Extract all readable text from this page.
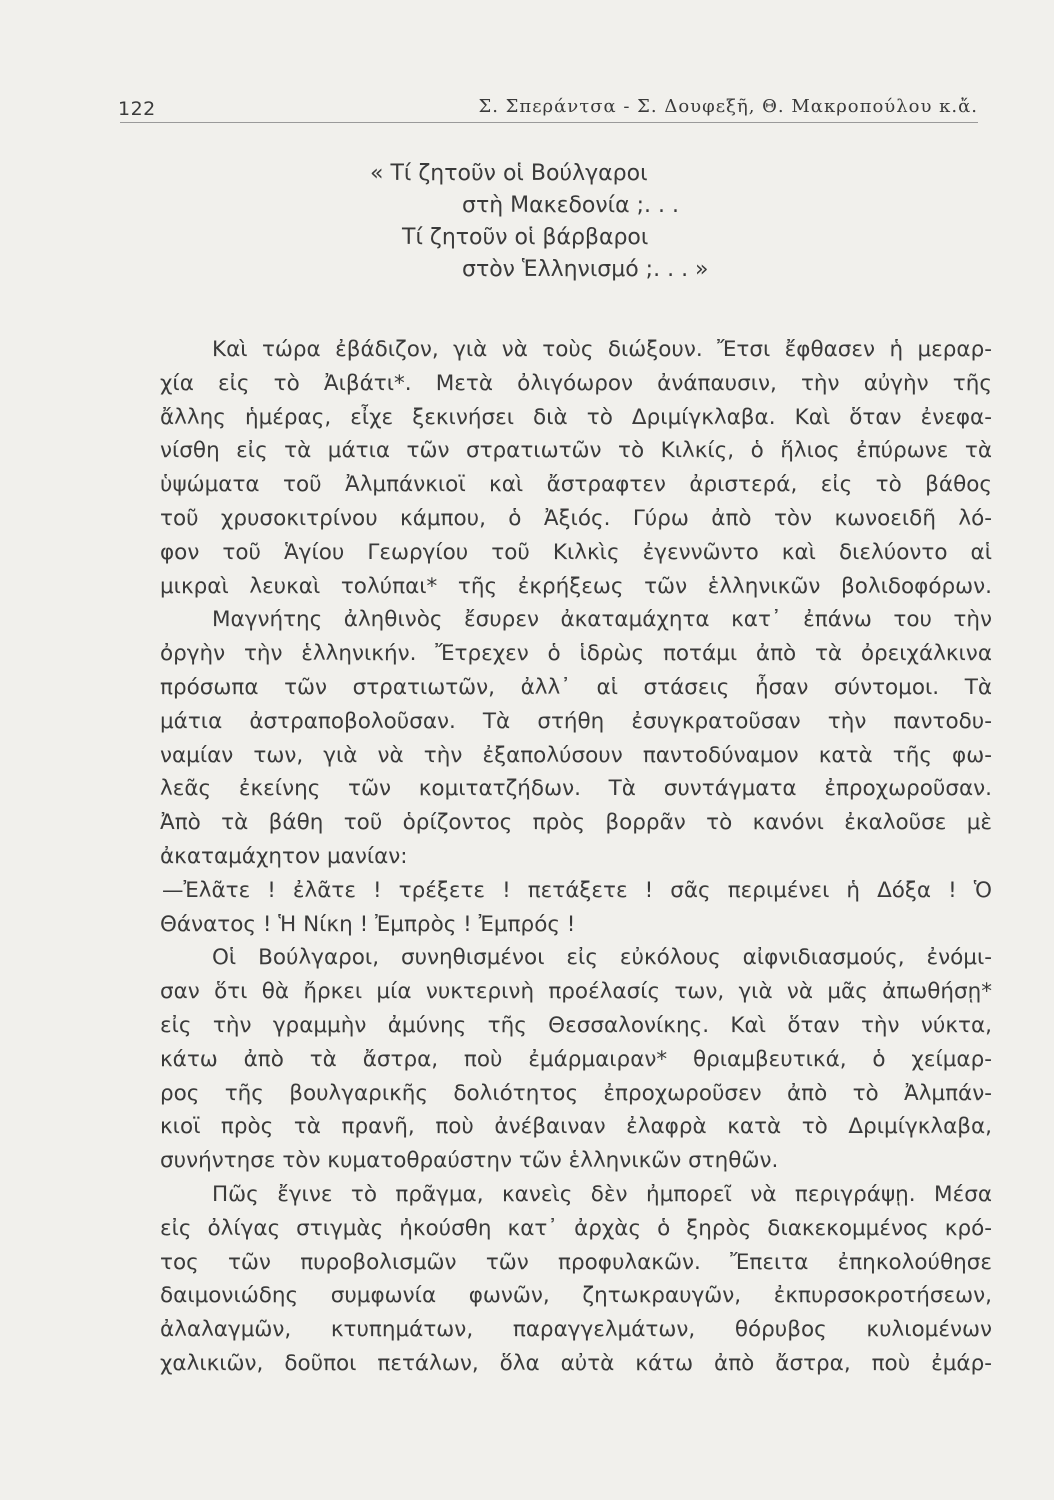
122	Σ. Σπεράντσα - Σ. Δουφεξῆ, Θ. Μακροπούλου κ.ἄ.
« Τί ζητοῦν οἱ Βούλγαροι
στὴ Μακεδονία ;. . .
Τί ζητοῦν οἱ βάρβαροι
στὸν Ἑλληνισμό ;. . . »
Καὶ τώρα ἐβάδιζον, γιὰ νὰ τοὺς διώξουν. Ἔτσι ἔφθασεν ἡ μεραρ-
χία εἰς τὸ Ἀιβάτι*. Μετὰ ὀλιγόωρον ἀνάπαυσιν, τὴν αὐγὴν τῆς
ἄλλης ἡμέρας, εἶχε ξεκινήσει διὰ τὸ Δριμίγκλαβα. Καὶ ὅταν ἐνεφα-
νίσθη εἰς τὰ μάτια τῶν στρατιωτῶν τὸ Κιλκίς, ὁ ἥλιος ἐπύρωνε τὰ
ὑψώματα τοῦ Ἀλμπάνκιοϊ καὶ ἄστραφτεν ἀριστερά, εἰς τὸ βάθος
τοῦ χρυσοκιτρίνου κάμπου, ὁ Ἀξιός. Γύρω ἀπὸ τὸν κωνοειδῆ λό-
φον τοῦ Ἁγίου Γεωργίου τοῦ Κιλκὶς ἐγεννῶντο καὶ διελύοντο αἱ
μικραὶ λευκαὶ τολύπαι* τῆς ἐκρήξεως τῶν ἑλληνικῶν βολιδοφόρων.
Μαγνήτης ἀληθινὸς ἔσυρεν ἀκαταμάχητα κατ᾽ ἐπάνω του τὴν
ὀργὴν τὴν ἑλληνικήν. Ἔτρεχεν ὁ ἱδρὼς ποτάμι ἀπὸ τὰ ὀρειχάλκινα
πρόσωπα τῶν στρατιωτῶν, ἀλλ᾽ αἱ στάσεις ἦσαν σύντομοι. Τὰ
μάτια ἀστραποβολοῦσαν. Τὰ στήθη ἐσυγκρατοῦσαν τὴν παντοδυ-
ναμίαν των, γιὰ νὰ τὴν ἐξαπολύσουν παντοδύναμον κατὰ τῆς φω-
λεᾶς ἐκείνης τῶν κομιτατζήδων. Τὰ συντάγματα ἐπροχωροῦσαν.
Ἀπὸ τὰ βάθη τοῦ ὁρίζοντος πρὸς βορρᾶν τὸ κανόνι ἐκαλοῦσε μὲ
ἀκαταμάχητον μανίαν:
—Ἐλᾶτε ! ἐλᾶτε ! τρέξετε ! πετάξετε ! σᾶς περιμένει ἡ Δόξα ! Ὁ
Θάνατος ! Ἡ Νίκη ! Ἐμπρὸς ! Ἐμπρός !
Οἱ Βούλγαροι, συνηθισμένοι εἰς εὐκόλους αἰφνιδιασμούς, ἐνόμι-
σαν ὅτι θὰ ἤρκει μία νυκτερινὴ προέλασίς των, γιὰ νὰ μᾶς ἀπωθήσῃ*
εἰς τὴν γραμμὴν ἀμύνης τῆς Θεσσαλονίκης. Καὶ ὅταν τὴν νύκτα,
κάτω ἀπὸ τὰ ἄστρα, ποὺ ἐμάρμαιραν* θριαμβευτικά, ὁ χείμαρ-
ρος τῆς βουλγαρικῆς δολιότητος ἐπροχωροῦσεν ἀπὸ τὸ Ἀλμπάν-
κιοϊ πρὸς τὰ πρανῆ, ποὺ ἀνέβαιναν ἐλαφρὰ κατὰ τὸ Δριμίγκλαβα,
συνήντησε τὸν κυματοθραύστην τῶν ἑλληνικῶν στηθῶν.
Πῶς ἔγινε τὸ πρᾶγμα, κανεὶς δὲν ἠμπορεῖ νὰ περιγράψῃ. Μέσα
εἰς ὀλίγας στιγμὰς ἠκούσθη κατ᾽ ἀρχὰς ὁ ξηρὸς διακεκομμένος κρό-
τος τῶν πυροβολισμῶν τῶν προφυλακῶν. Ἔπειτα ἐπηκολούθησε
δαιμονιώδης συμφωνία φωνῶν, ζητωκραυγῶν, ἐκπυρσοκροτήσεων,
ἀλαλαγμῶν, κτυπημάτων, παραγγελμάτων, θόρυβος κυλιομένων
χαλικιῶν, δοῦποι πετάλων, ὅλα αὐτὰ κάτω ἀπὸ ἄστρα, ποὺ ἐμάρ-
